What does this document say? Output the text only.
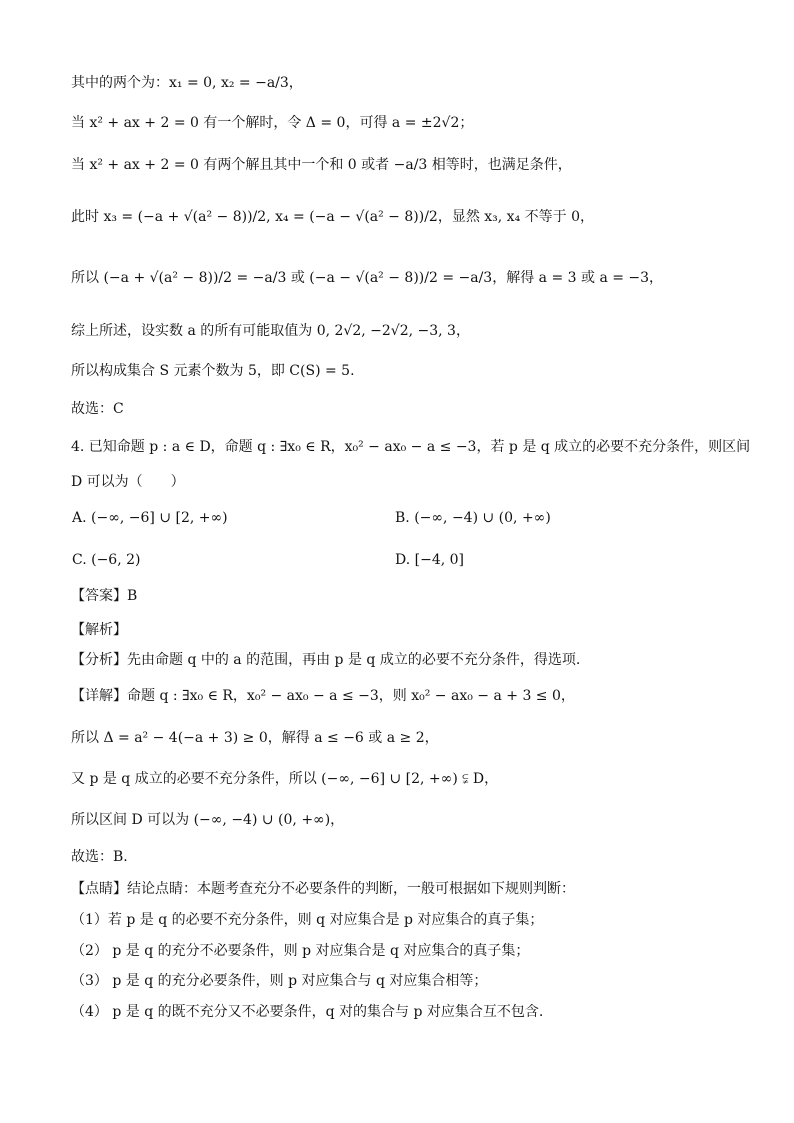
其中的两个为：x₁ = 0, x₂ = −a/3，
当 x² + ax + 2 = 0 有一个解时，令 Δ = 0，可得 a = ±2√2；
当 x² + ax + 2 = 0 有两个解且其中一个和 0 或者 −a/3 相等时，也满足条件，
此时 x₃ = (−a + √(a² − 8))/2, x₄ = (−a − √(a² − 8))/2，显然 x₃, x₄ 不等于 0，
所以 (−a + √(a² − 8))/2 = −a/3 或 (−a − √(a² − 8))/2 = −a/3，解得 a = 3 或 a = −3，
综上所述，设实数 a 的所有可能取值为 0, 2√2, −2√2, −3, 3，
所以构成集合 S 元素个数为 5，即 C(S) = 5.
故选：C
4. 已知命题 p : a ∈ D，命题 q : ∃x₀ ∈ R，x₀² − ax₀ − a ≤ −3，若 p 是 q 成立的必要不充分条件，则区间
D 可以为（　　）
A. (−∞, −6] ∪ [2, +∞)	B. (−∞, −4) ∪ (0, +∞)
C. (−6, 2)	D. [−4, 0]
【答案】B
【解析】
【分析】先由命题 q 中的 a 的范围，再由 p 是 q 成立的必要不充分条件，得选项.
【详解】命题 q : ∃x₀ ∈ R，x₀² − ax₀ − a ≤ −3，则 x₀² − ax₀ − a + 3 ≤ 0，
所以 Δ = a² − 4(−a + 3) ≥ 0，解得 a ≤ −6 或 a ≥ 2，
又 p 是 q 成立的必要不充分条件，所以 (−∞, −6] ∪ [2, +∞) ⫋ D，
所以区间 D 可以为 (−∞, −4) ∪ (0, +∞)，
故选：B.
【点睛】结论点睛：本题考查充分不必要条件的判断，一般可根据如下规则判断：
（1）若 p 是 q 的必要不充分条件，则 q 对应集合是 p 对应集合的真子集；
（2） p 是 q 的充分不必要条件，则 p 对应集合是 q 对应集合的真子集；
（3） p 是 q 的充分必要条件，则 p 对应集合与 q 对应集合相等；
（4） p 是 q 的既不充分又不必要条件，q 对的集合与 p 对应集合互不包含.
